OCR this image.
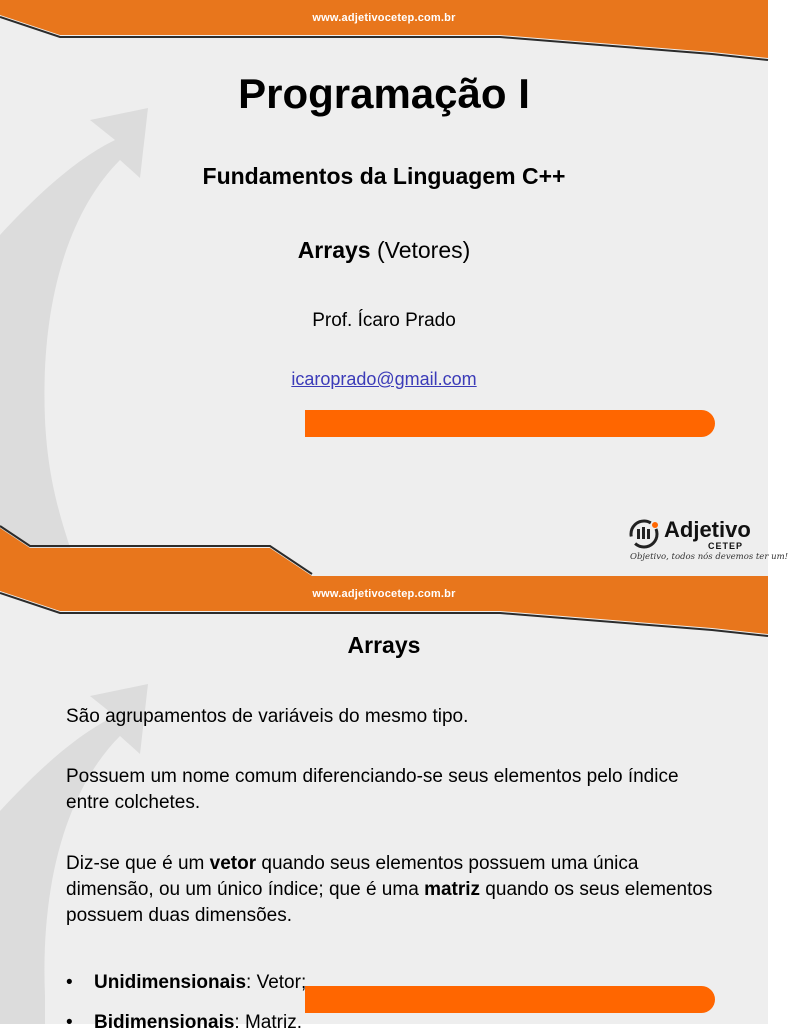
www.adjetivocetep.com.br
Programação I
Fundamentos da Linguagem C++
Arrays (Vetores)
Prof. Ícaro Prado
icaroprado@gmail.com
Adjetivo
CETEP
Objetivo, todos nós devemos ter um!
www.adjetivocetep.com.br
Arrays
São agrupamentos de variáveis do mesmo tipo.
Possuem um nome comum diferenciando-se seus elementos pelo índice entre colchetes.
Diz-se que é um vetor quando seus elementos possuem uma única dimensão, ou um único índice; que é uma matriz quando os seus elementos possuem duas dimensões.
• Unidimensionais: Vetor;
• Bidimensionais: Matriz.
